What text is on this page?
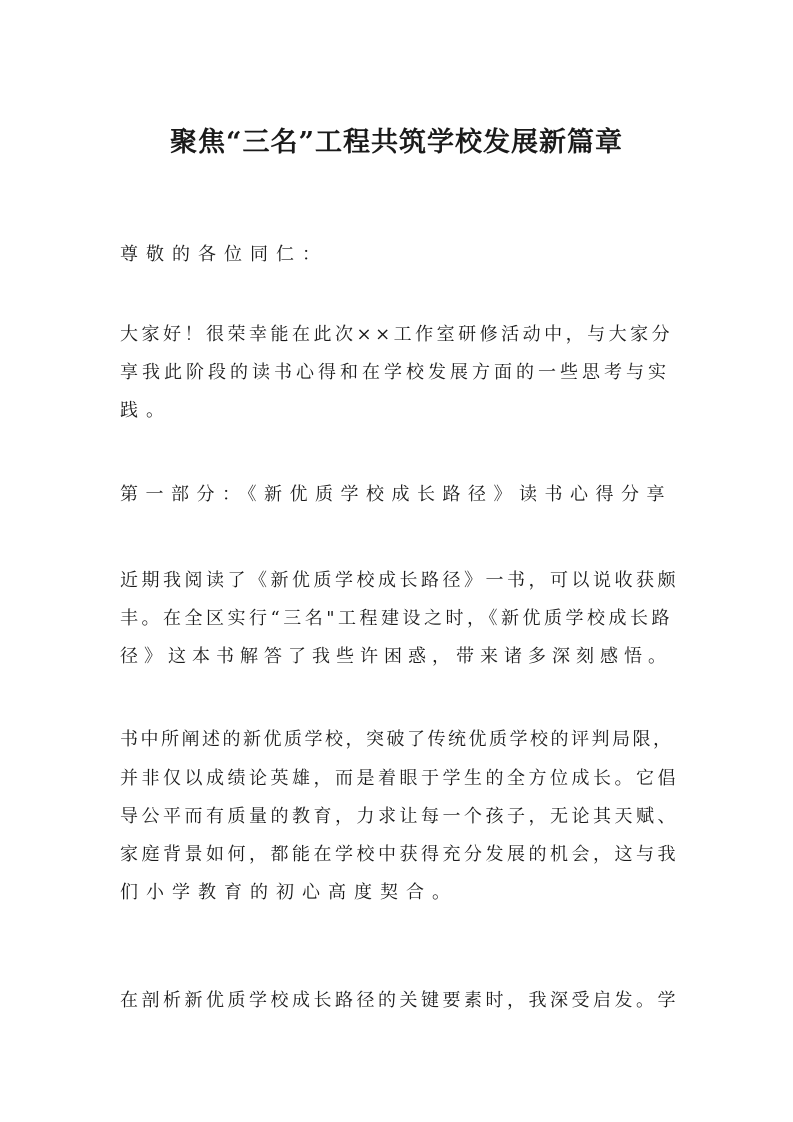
聚焦“三名”工程共筑学校发展新篇章
尊敬的各位同仁：
大家好！很荣幸能在此次××工作室研修活动中，与大家分
享我此阶段的读书心得和在学校发展方面的一些思考与实
践。
第一部分：《新优质学校成长路径》读书心得分享
近期我阅读了《新优质学校成长路径》一书，可以说收获颇
丰。在全区实行“三名"工程建设之时，《新优质学校成长路
径》这本书解答了我些许困惑，带来诸多深刻感悟。
书中所阐述的新优质学校，突破了传统优质学校的评判局限，
并非仅以成绩论英雄，而是着眼于学生的全方位成长。它倡
导公平而有质量的教育，力求让每一个孩子，无论其天赋、
家庭背景如何，都能在学校中获得充分发展的机会，这与我
们小学教育的初心高度契合。
在剖析新优质学校成长路径的关键要素时，我深受启发。学
